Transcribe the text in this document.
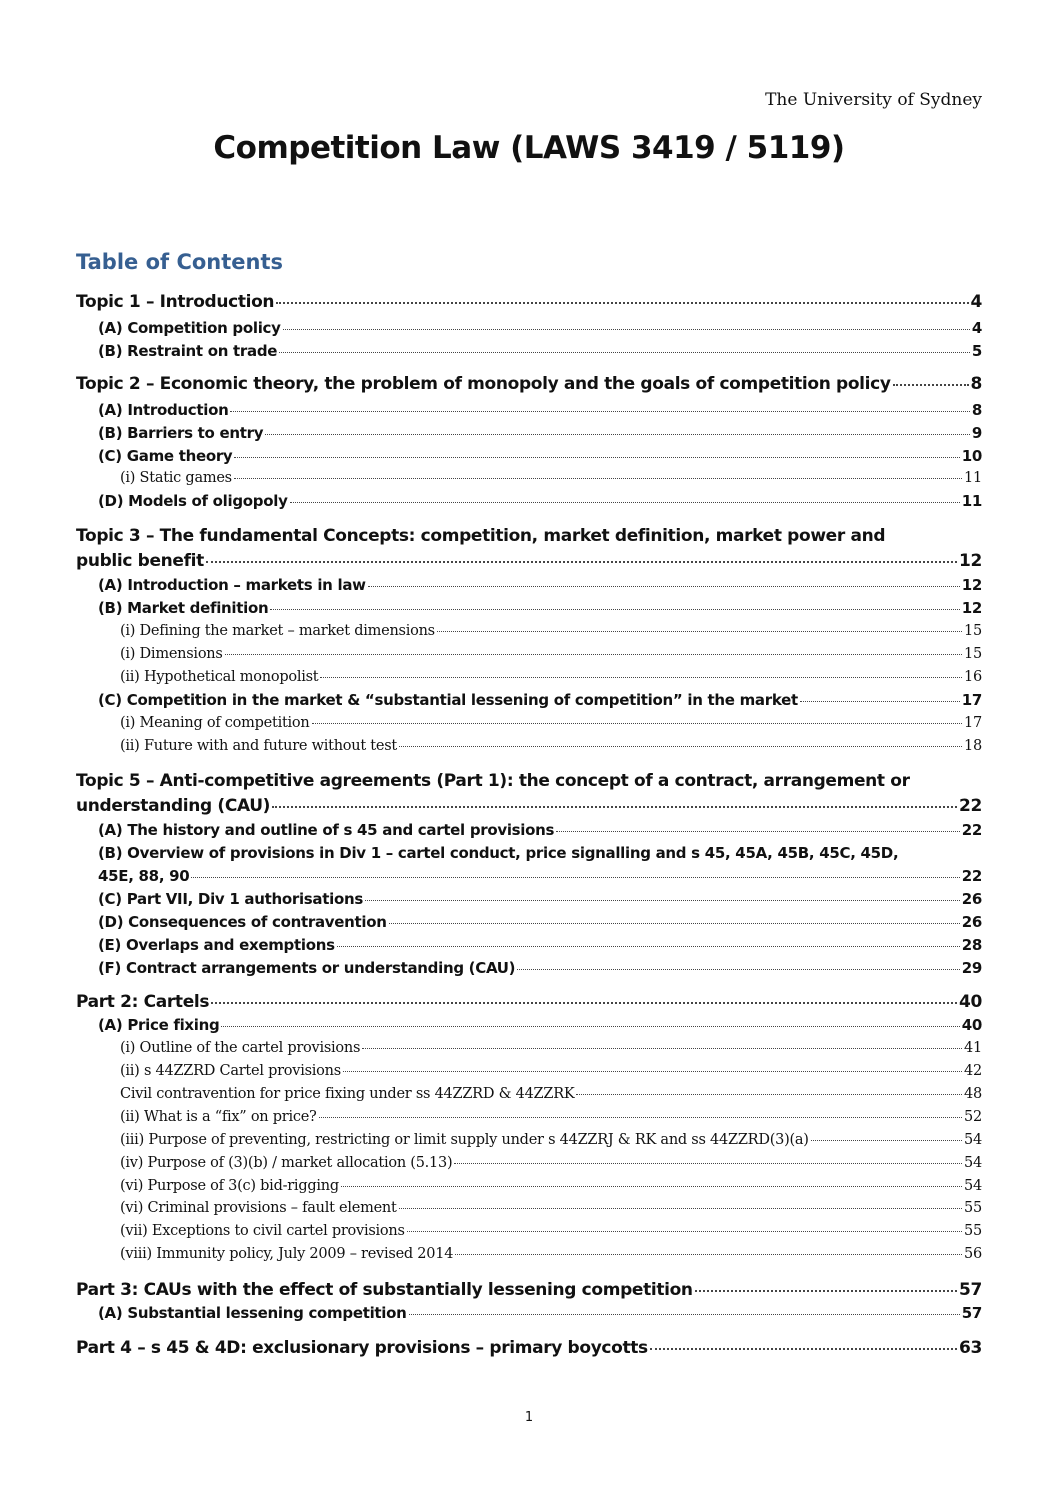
The University of Sydney
Competition Law (LAWS 3419 / 5119)
Table of Contents
Topic 1 – Introduction	4
(A) Competition policy	4
(B) Restraint on trade	5
Topic 2 – Economic theory, the problem of monopoly and the goals of competition policy	8
(A) Introduction	8
(B) Barriers to entry	9
(C) Game theory	10
(i) Static games	11
(D) Models of oligopoly	11
Topic 3 – The fundamental Concepts: competition, market definition, market power and
public benefit	12
(A) Introduction – markets in law	12
(B) Market definition	12
(i) Defining the market – market dimensions	15
(i) Dimensions	15
(ii) Hypothetical monopolist	16
(C) Competition in the market & “substantial lessening of competition” in the market	17
(i) Meaning of competition	17
(ii) Future with and future without test	18
Topic 5 – Anti-competitive agreements (Part 1): the concept of a contract, arrangement or
understanding (CAU)	22
(A) The history and outline of s 45 and cartel provisions	22
(B) Overview of provisions in Div 1 – cartel conduct, price signalling and s 45, 45A, 45B, 45C, 45D,
45E, 88, 90	22
(C) Part VII, Div 1 authorisations	26
(D) Consequences of contravention	26
(E) Overlaps and exemptions	28
(F) Contract arrangements or understanding (CAU)	29
Part 2: Cartels	40
(A) Price fixing	40
(i) Outline of the cartel provisions	41
(ii) s 44ZZRD Cartel provisions	42
Civil contravention for price fixing under ss 44ZZRD & 44ZZRK	48
(ii) What is a “fix” on price?	52
(iii) Purpose of preventing, restricting or limit supply under s 44ZZRJ & RK and ss 44ZZRD(3)(a)	54
(iv) Purpose of (3)(b) / market allocation (5.13)	54
(vi) Purpose of 3(c) bid-rigging	54
(vi) Criminal provisions – fault element	55
(vii) Exceptions to civil cartel provisions	55
(viii) Immunity policy, July 2009 – revised 2014	56
Part 3: CAUs with the effect of substantially lessening competition	57
(A) Substantial lessening competition	57
Part 4 – s 45 & 4D: exclusionary provisions – primary boycotts	63
1
